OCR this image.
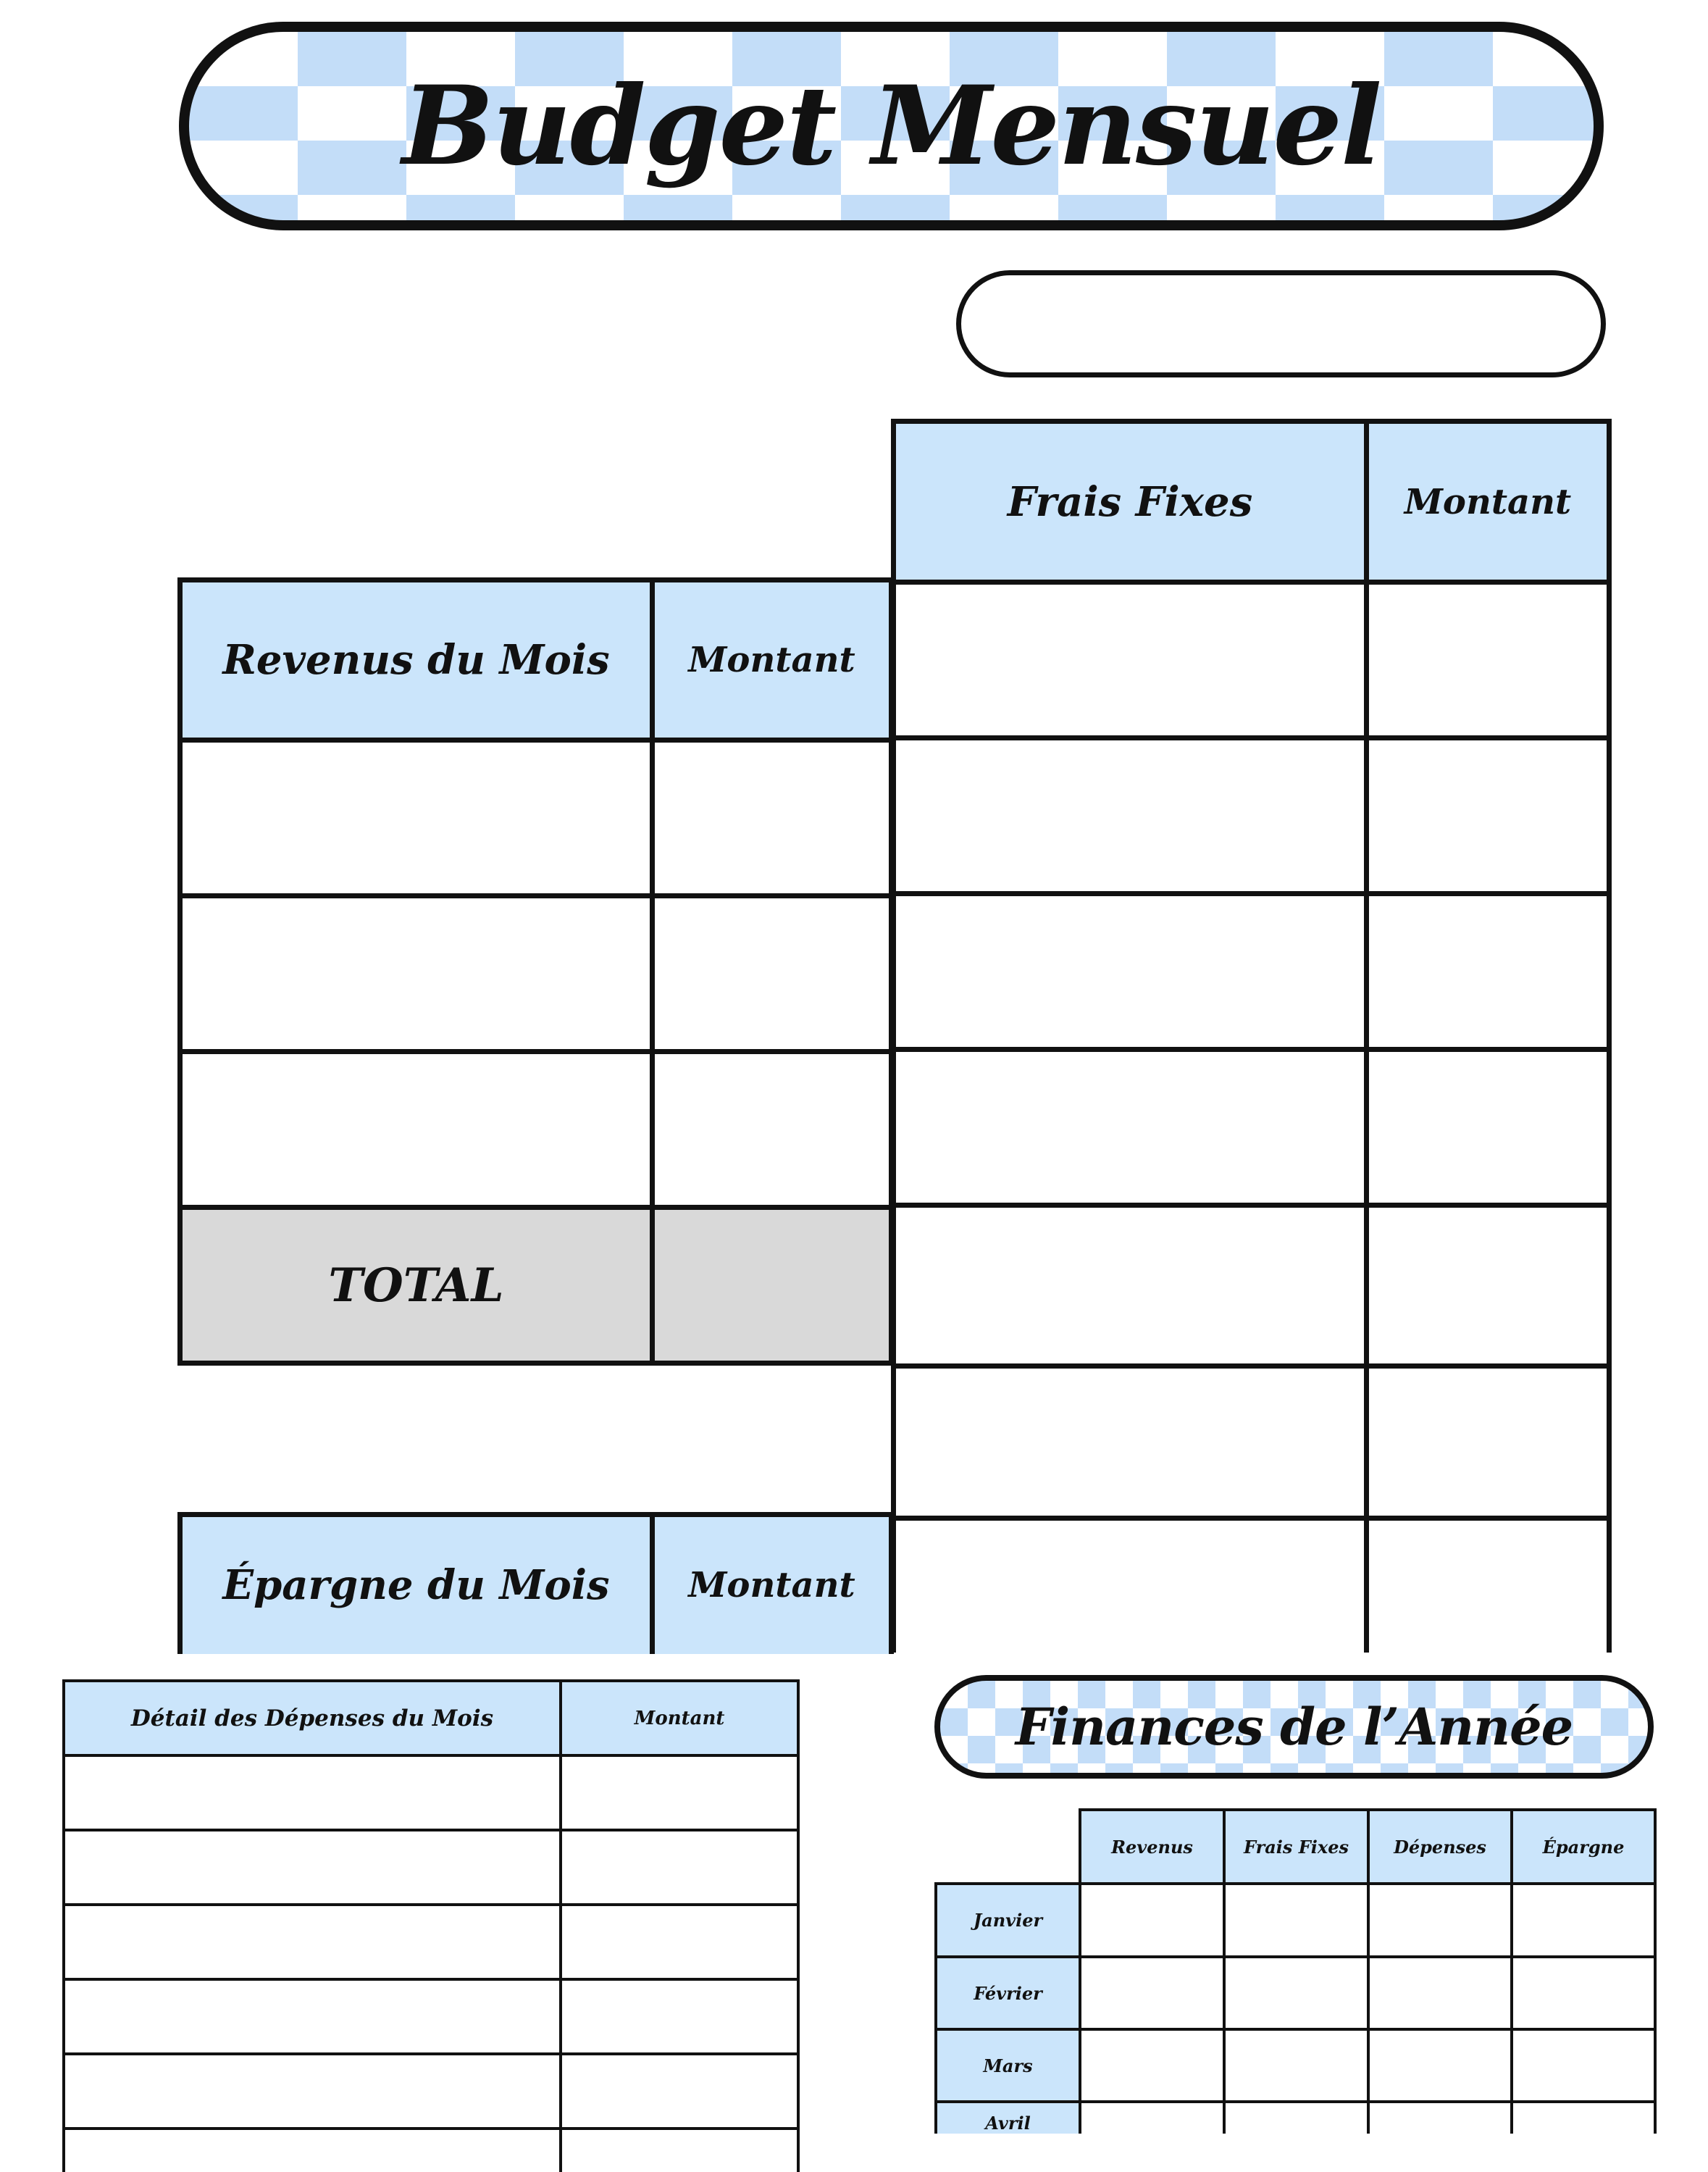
Budget Mensuel
Frais Fixes	Montant

Revenus du Mois	Montant

TOTAL	
Épargne du Mois	Montant
Détail des Dépenses du Mois	Montant

		Finances de l’Année
	Revenus	Frais Fixes	Dépenses	Épargne
Janvier				
Février				
Mars				
Avril				
